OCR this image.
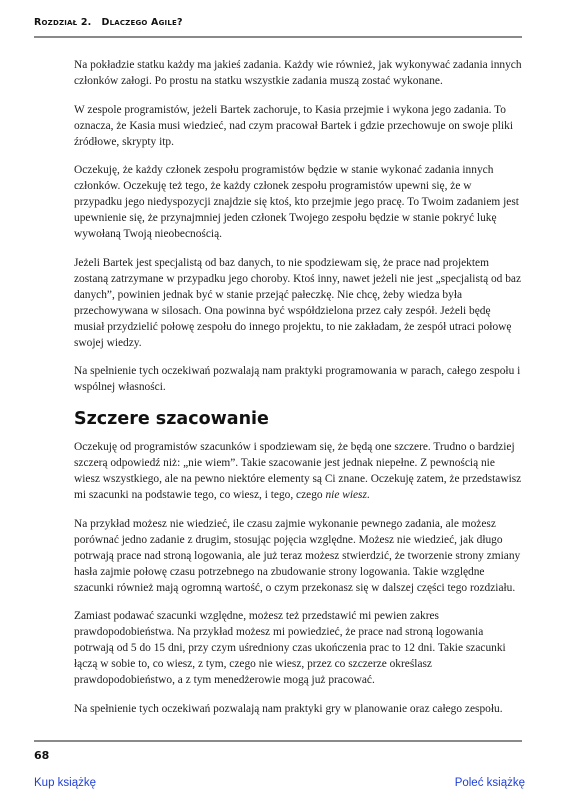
Rozdział 2. Dlaczego Agile?

Na pokładzie statku każdy ma jakieś zadania. Każdy wie również, jak wykonywać zadania innych członków załogi. Po prostu na statku wszystkie zadania muszą zostać wykonane.

W zespole programistów, jeżeli Bartek zachoruje, to Kasia przejmie i wykona jego zadania. To oznacza, że Kasia musi wiedzieć, nad czym pracował Bartek i gdzie przechowuje on swoje pliki źródłowe, skrypty itp.

Oczekuję, że każdy członek zespołu programistów będzie w stanie wykonać zadania innych członków. Oczekuję też tego, że każdy członek zespołu programistów upewni się, że w przypadku jego niedyspozycji znajdzie się ktoś, kto przejmie jego pracę. To Twoim zadaniem jest upewnienie się, że przynajmniej jeden członek Twojego zespołu będzie w stanie pokryć lukę wywołaną Twoją nieobecnością.

Jeżeli Bartek jest specjalistą od baz danych, to nie spodziewam się, że prace nad projektem zostaną zatrzymane w przypadku jego choroby. Ktoś inny, nawet jeżeli nie jest „specjalistą od baz danych”, powinien jednak być w stanie przejąć pałeczkę. Nie chcę, żeby wiedza była przechowywana w silosach. Ona powinna być współdzielona przez cały zespół. Jeżeli będę musiał przydzielić połowę zespołu do innego projektu, to nie zakładam, że zespół utraci połowę swojej wiedzy.

Na spełnienie tych oczekiwań pozwalają nam praktyki programowania w parach, całego zespołu i wspólnej własności.

Szczere szacowanie

Oczekuję od programistów szacunków i spodziewam się, że będą one szczere. Trudno o bardziej szczerą odpowiedź niż: „nie wiem”. Takie szacowanie jest jednak niepełne. Z pewnością nie wiesz wszystkiego, ale na pewno niektóre elementy są Ci znane. Oczekuję zatem, że przedstawisz mi szacunki na podstawie tego, co wiesz, i tego, czego nie wiesz.

Na przykład możesz nie wiedzieć, ile czasu zajmie wykonanie pewnego zadania, ale możesz porównać jedno zadanie z drugim, stosując pojęcia względne. Możesz nie wiedzieć, jak długo potrwają prace nad stroną logowania, ale już teraz możesz stwierdzić, że tworzenie strony zmiany hasła zajmie połowę czasu potrzebnego na zbudowanie strony logowania. Takie względne szacunki również mają ogromną wartość, o czym przekonasz się w dalszej części tego rozdziału.

Zamiast podawać szacunki względne, możesz też przedstawić mi pewien zakres prawdopodobieństwa. Na przykład możesz mi powiedzieć, że prace nad stroną logowania potrwają od 5 do 15 dni, przy czym uśredniony czas ukończenia prac to 12 dni. Takie szacunki łączą w sobie to, co wiesz, z tym, czego nie wiesz, przez co szczerze określasz prawdopodobieństwo, a z tym menedżerowie mogą już pracować.

Na spełnienie tych oczekiwań pozwalają nam praktyki gry w planowanie oraz całego zespołu.

68
Kup książkę	Poleć książkę
